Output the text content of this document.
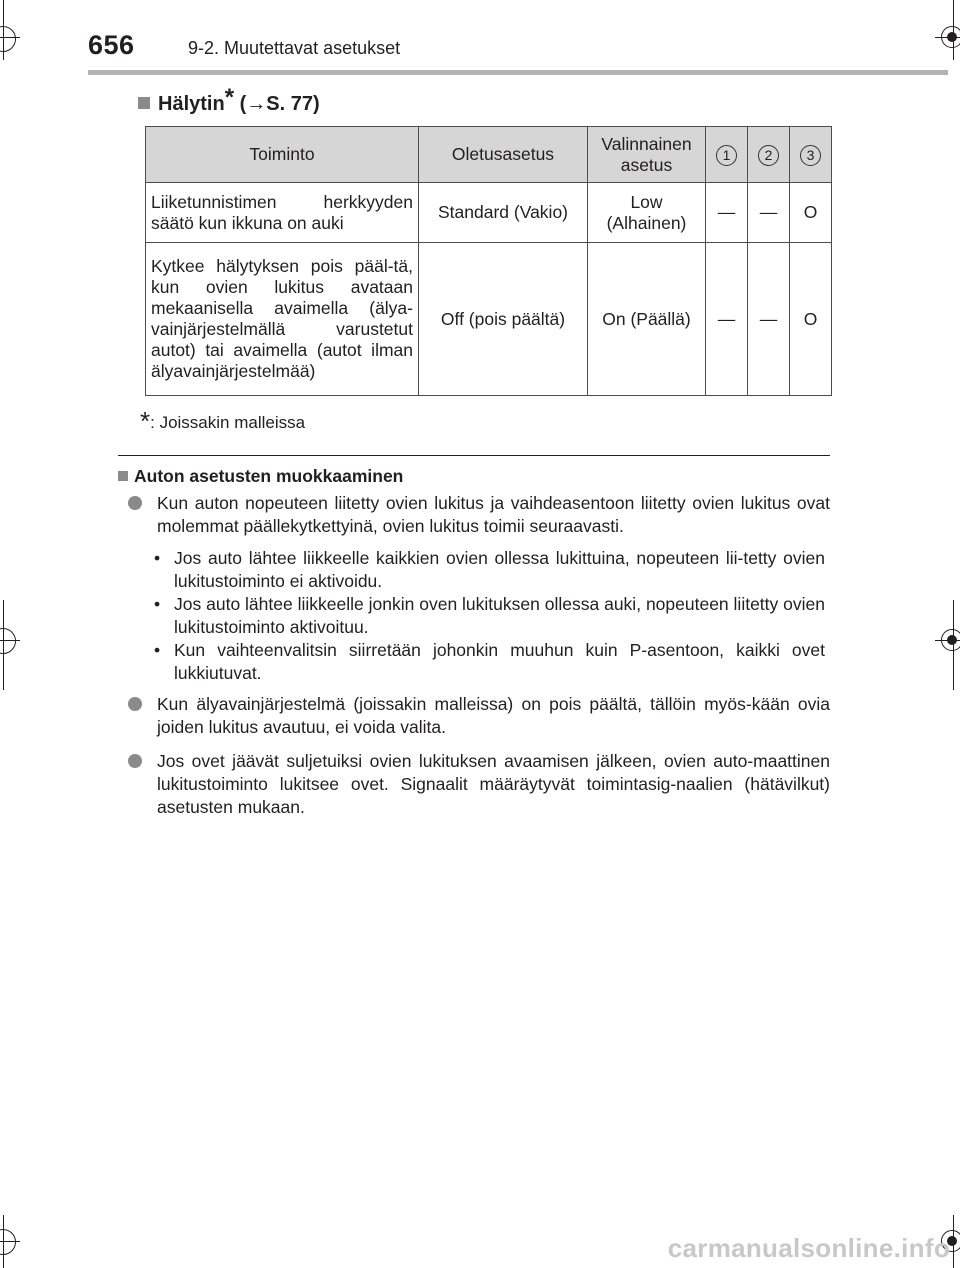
656	9-2. Muutettavat asetukset
Hälytin* (→S. 77)
Toiminto	Oletusasetus	Valinnainen asetus	1	2	3
Liiketunnistimen herkkyyden säätö kun ikkuna on auki	Standard (Vakio)	Low (Alhainen)	—	—	O
Kytkee hälytyksen pois pääl-tä, kun ovien lukitus avataan mekaanisella avaimella (älya-vainjärjestelmällä varustetut autot) tai avaimella (autot ilman älyavainjärjestelmää)	Off (pois päältä)	On (Päällä)	—	—	O
*: Joissakin malleissa
Auton asetusten muokkaaminen
Kun auton nopeuteen liitetty ovien lukitus ja vaihdeasentoon liitetty ovien lukitus ovat molemmat päällekytkettyinä, ovien lukitus toimii seuraavasti.
• Jos auto lähtee liikkeelle kaikkien ovien ollessa lukittuina, nopeuteen lii-tetty ovien lukitustoiminto ei aktivoidu.
• Jos auto lähtee liikkeelle jonkin oven lukituksen ollessa auki, nopeuteen liitetty ovien lukitustoiminto aktivoituu.
• Kun vaihteenvalitsin siirretään johonkin muuhun kuin P-asentoon, kaikki ovet lukkiutuvat.
Kun älyavainjärjestelmä (joissakin malleissa) on pois päältä, tällöin myös-kään ovia joiden lukitus avautuu, ei voida valita.
Jos ovet jäävät suljetuiksi ovien lukituksen avaamisen jälkeen, ovien auto-maattinen lukitustoiminto lukitsee ovet. Signaalit määräytyvät toimintasig-naalien (hätävilkut) asetusten mukaan.
carmanualsonline.info
